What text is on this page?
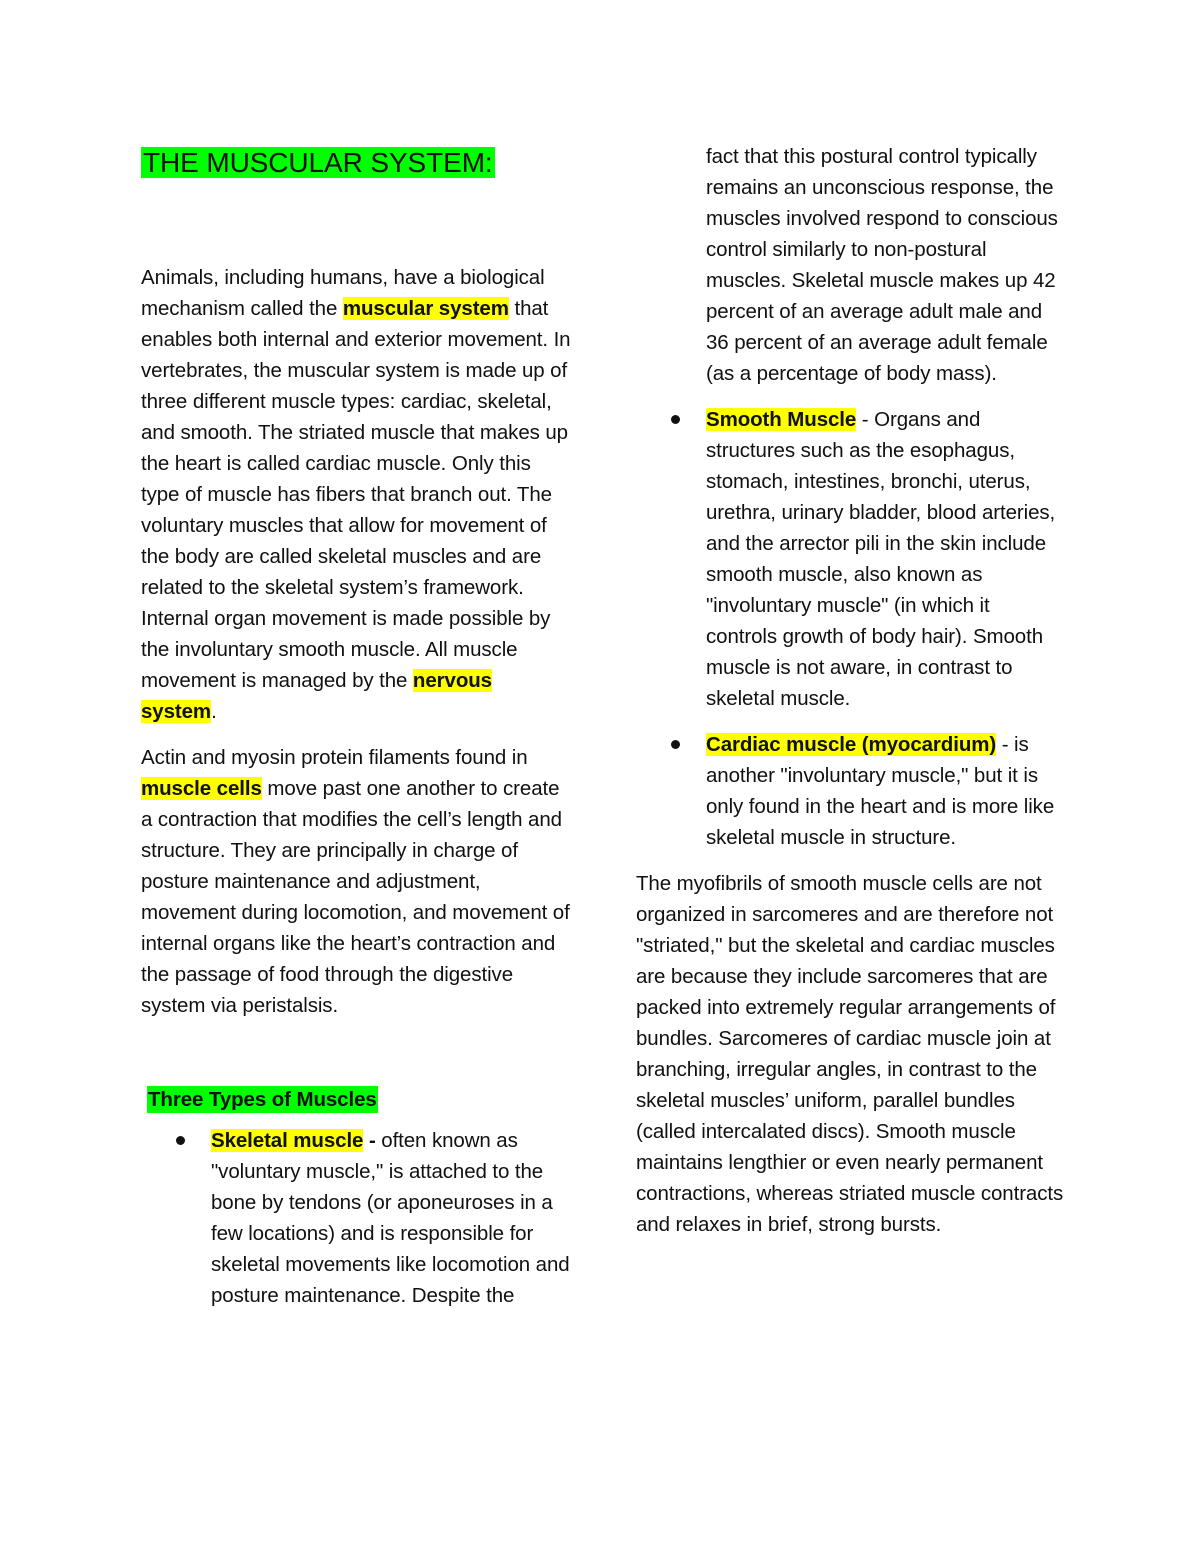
THE MUSCULAR SYSTEM:

Animals, including humans, have a biological mechanism called the muscular system that enables both internal and exterior movement. In vertebrates, the muscular system is made up of three different muscle types: cardiac, skeletal, and smooth. The striated muscle that makes up the heart is called cardiac muscle. Only this type of muscle has fibers that branch out. The voluntary muscles that allow for movement of the body are called skeletal muscles and are related to the skeletal system’s framework. Internal organ movement is made possible by the involuntary smooth muscle. All muscle movement is managed by the nervous system.

Actin and myosin protein filaments found in muscle cells move past one another to create a contraction that modifies the cell’s length and structure. They are principally in charge of posture maintenance and adjustment, movement during locomotion, and movement of internal organs like the heart’s contraction and the passage of food through the digestive system via peristalsis.

Three Types of Muscles

Skeletal muscle - often known as "voluntary muscle," is attached to the bone by tendons (or aponeuroses in a few locations) and is responsible for skeletal movements like locomotion and posture maintenance. Despite the

fact that this postural control typically remains an unconscious response, the muscles involved respond to conscious control similarly to non-postural muscles. Skeletal muscle makes up 42 percent of an average adult male and 36 percent of an average adult female (as a percentage of body mass).

Smooth Muscle - Organs and structures such as the esophagus, stomach, intestines, bronchi, uterus, urethra, urinary bladder, blood arteries, and the arrector pili in the skin include smooth muscle, also known as "involuntary muscle" (in which it controls growth of body hair). Smooth muscle is not aware, in contrast to skeletal muscle.
Cardiac muscle (myocardium) - is another "involuntary muscle," but it is only found in the heart and is more like skeletal muscle in structure.

The myofibrils of smooth muscle cells are not organized in sarcomeres and are therefore not "striated," but the skeletal and cardiac muscles are because they include sarcomeres that are packed into extremely regular arrangements of bundles. Sarcomeres of cardiac muscle join at branching, irregular angles, in contrast to the skeletal muscles’ uniform, parallel bundles (called intercalated discs). Smooth muscle maintains lengthier or even nearly permanent contractions, whereas striated muscle contracts and relaxes in brief, strong bursts.
